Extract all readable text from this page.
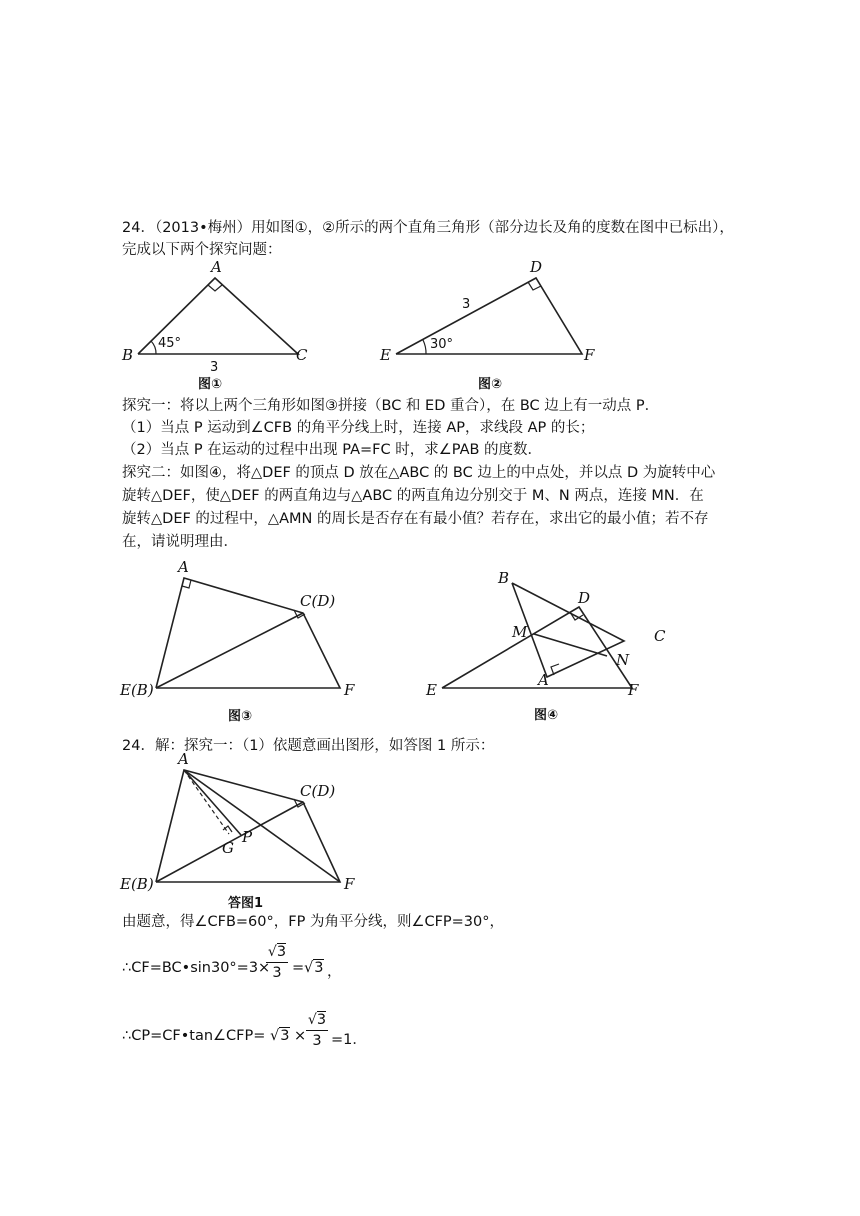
24．（2013•梅州）用如图①，②所示的两个直角三角形（部分边长及角的度数在图中已标出），
完成以下两个探究问题：
A
B	C
45°
3
图①
D
E	F
30°
3
图②
探究一：将以上两个三角形如图③拼接（BC 和 ED 重合），在 BC 边上有一动点 P．
（1）当点 P 运动到∠CFB 的角平分线上时，连接 AP，求线段 AP 的长；
（2）当点 P 在运动的过程中出现 PA=FC 时，求∠PAB 的度数．
探究二：如图④，将△DEF 的顶点 D 放在△ABC 的 BC 边上的中点处，并以点 D 为旋转中心
旋转△DEF，使△DEF 的两直角边与△ABC 的两直角边分别交于 M、N 两点，连接 MN．在
旋转△DEF 的过程中，△AMN 的周长是否存在有最小值？若存在，求出它的最小值；若不存
在，请说明理由．
A
C(D)
E(B)	F
图③
B
D
C
M
N
A
E	F
图④
24．解：探究一：（1）依题意画出图形，如答图 1 所示：
A
C(D)
E(B)	F
G
P
答图1
由题意，得∠CFB=60°，FP 为角平分线，则∠CFP=30°，
∴CF=BC•sin30°=3×
√3
3 = √3 ，
∴CP=CF•tan∠CFP= √3 ×
√3
3 =1．
